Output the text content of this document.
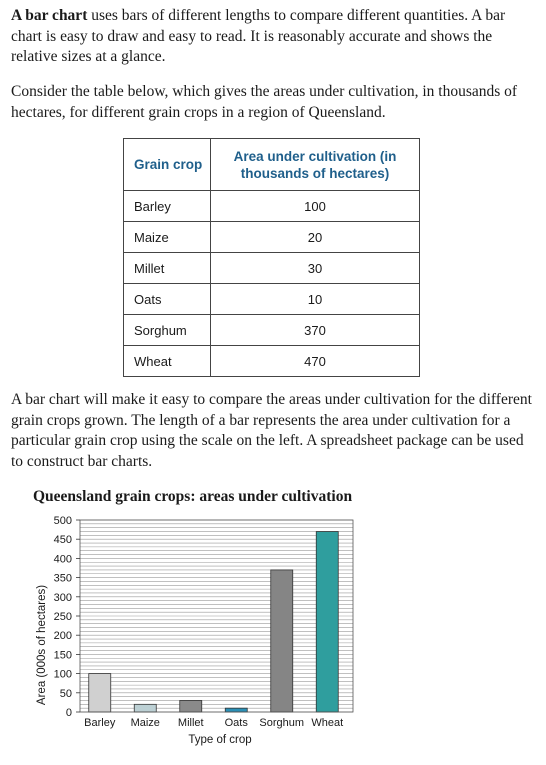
A bar chart uses bars of different lengths to compare different quantities. A bar chart is easy to draw and easy to read. It is reasonably accurate and shows the relative sizes at a glance.

Consider the table below, which gives the areas under cultivation, in thousands of hectares, for different grain crops in a region of Queensland.

Grain crop	Area under cultivation (in thousands of hectares)
Barley	100
Maize	20
Millet	30
Oats	10
Sorghum	370
Wheat	470

A bar chart will make it easy to compare the areas under cultivation for the different grain crops grown. The length of a bar represents the area under cultivation for a particular grain crop using the scale on the left. A spreadsheet package can be used to construct bar charts.

Queensland grain crops: areas under cultivation
0
50
100
150
200
250
300
350
400
450
500
Barley Maize Millet Oats Sorghum Wheat
Area (000s of hectares)
Type of crop
